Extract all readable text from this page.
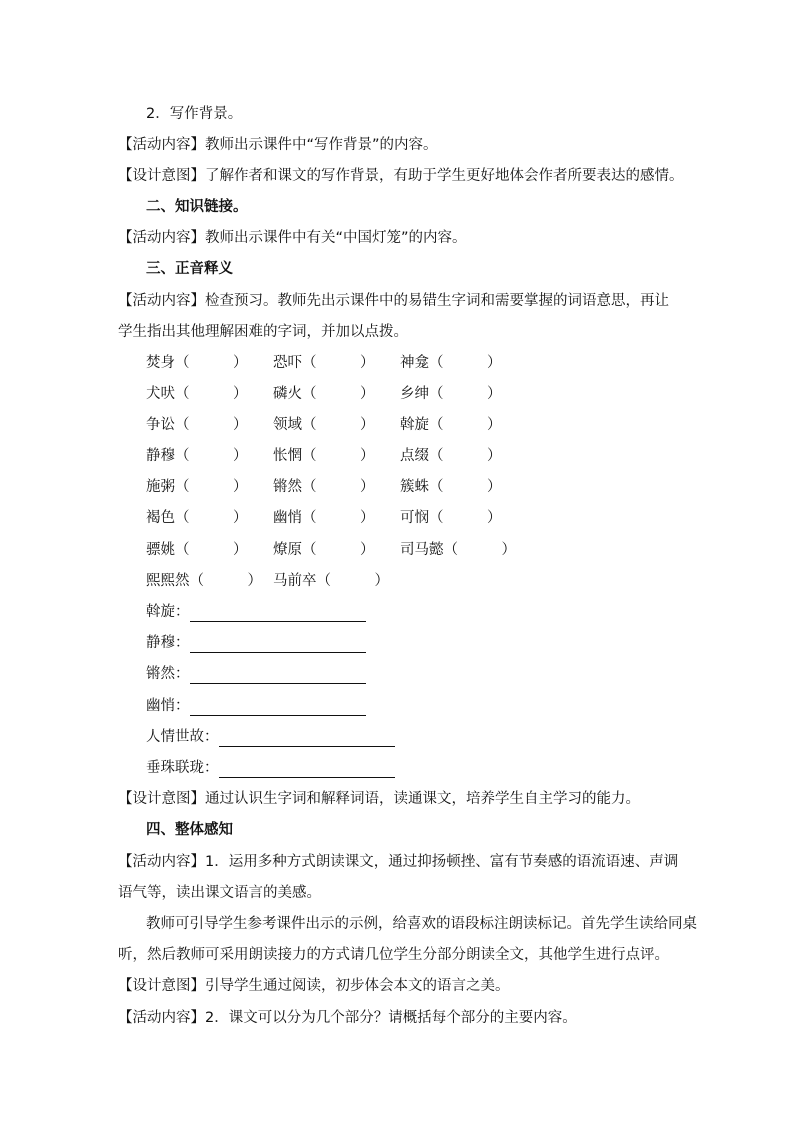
2．写作背景。
【活动内容】教师出示课件中“写作背景”的内容。
【设计意图】了解作者和课文的写作背景，有助于学生更好地体会作者所要表达的感情。
二、知识链接。
【活动内容】教师出示课件中有关“中国灯笼”的内容。
三、正音释义
【活动内容】检查预习。教师先出示课件中的易错生字词和需要掌握的词语意思，再让
学生指出其他理解困难的字词，并加以点拨。
焚身（　　　） 恐吓（　　　） 神龛（　　　）
犬吠（　　　） 磷火（　　　） 乡绅（　　　）
争讼（　　　） 领域（　　　） 斡旋（　　　）
静穆（　　　） 怅惘（　　　） 点缀（　　　）
施粥（　　　） 锵然（　　　） 簇蛛（　　　）
褐色（　　　） 幽悄（　　　） 可悯（　　　）
骠姚（　　　） 燎原（　　　） 司马懿（　　　）
熙熙然（　　　） 马前卒（　　　）
斡旋：
静穆：
锵然：
幽悄：
人情世故：
垂珠联珑：
【设计意图】通过认识生字词和解释词语，读通课文，培养学生自主学习的能力。
四、整体感知
【活动内容】1．运用多种方式朗读课文，通过抑扬顿挫、富有节奏感的语流语速、声调
语气等，读出课文语言的美感。
教师可引导学生参考课件出示的示例，给喜欢的语段标注朗读标记。首先学生读给同桌
听，然后教师可采用朗读接力的方式请几位学生分部分朗读全文，其他学生进行点评。
【设计意图】引导学生通过阅读，初步体会本文的语言之美。
【活动内容】2．课文可以分为几个部分？请概括每个部分的主要内容。
